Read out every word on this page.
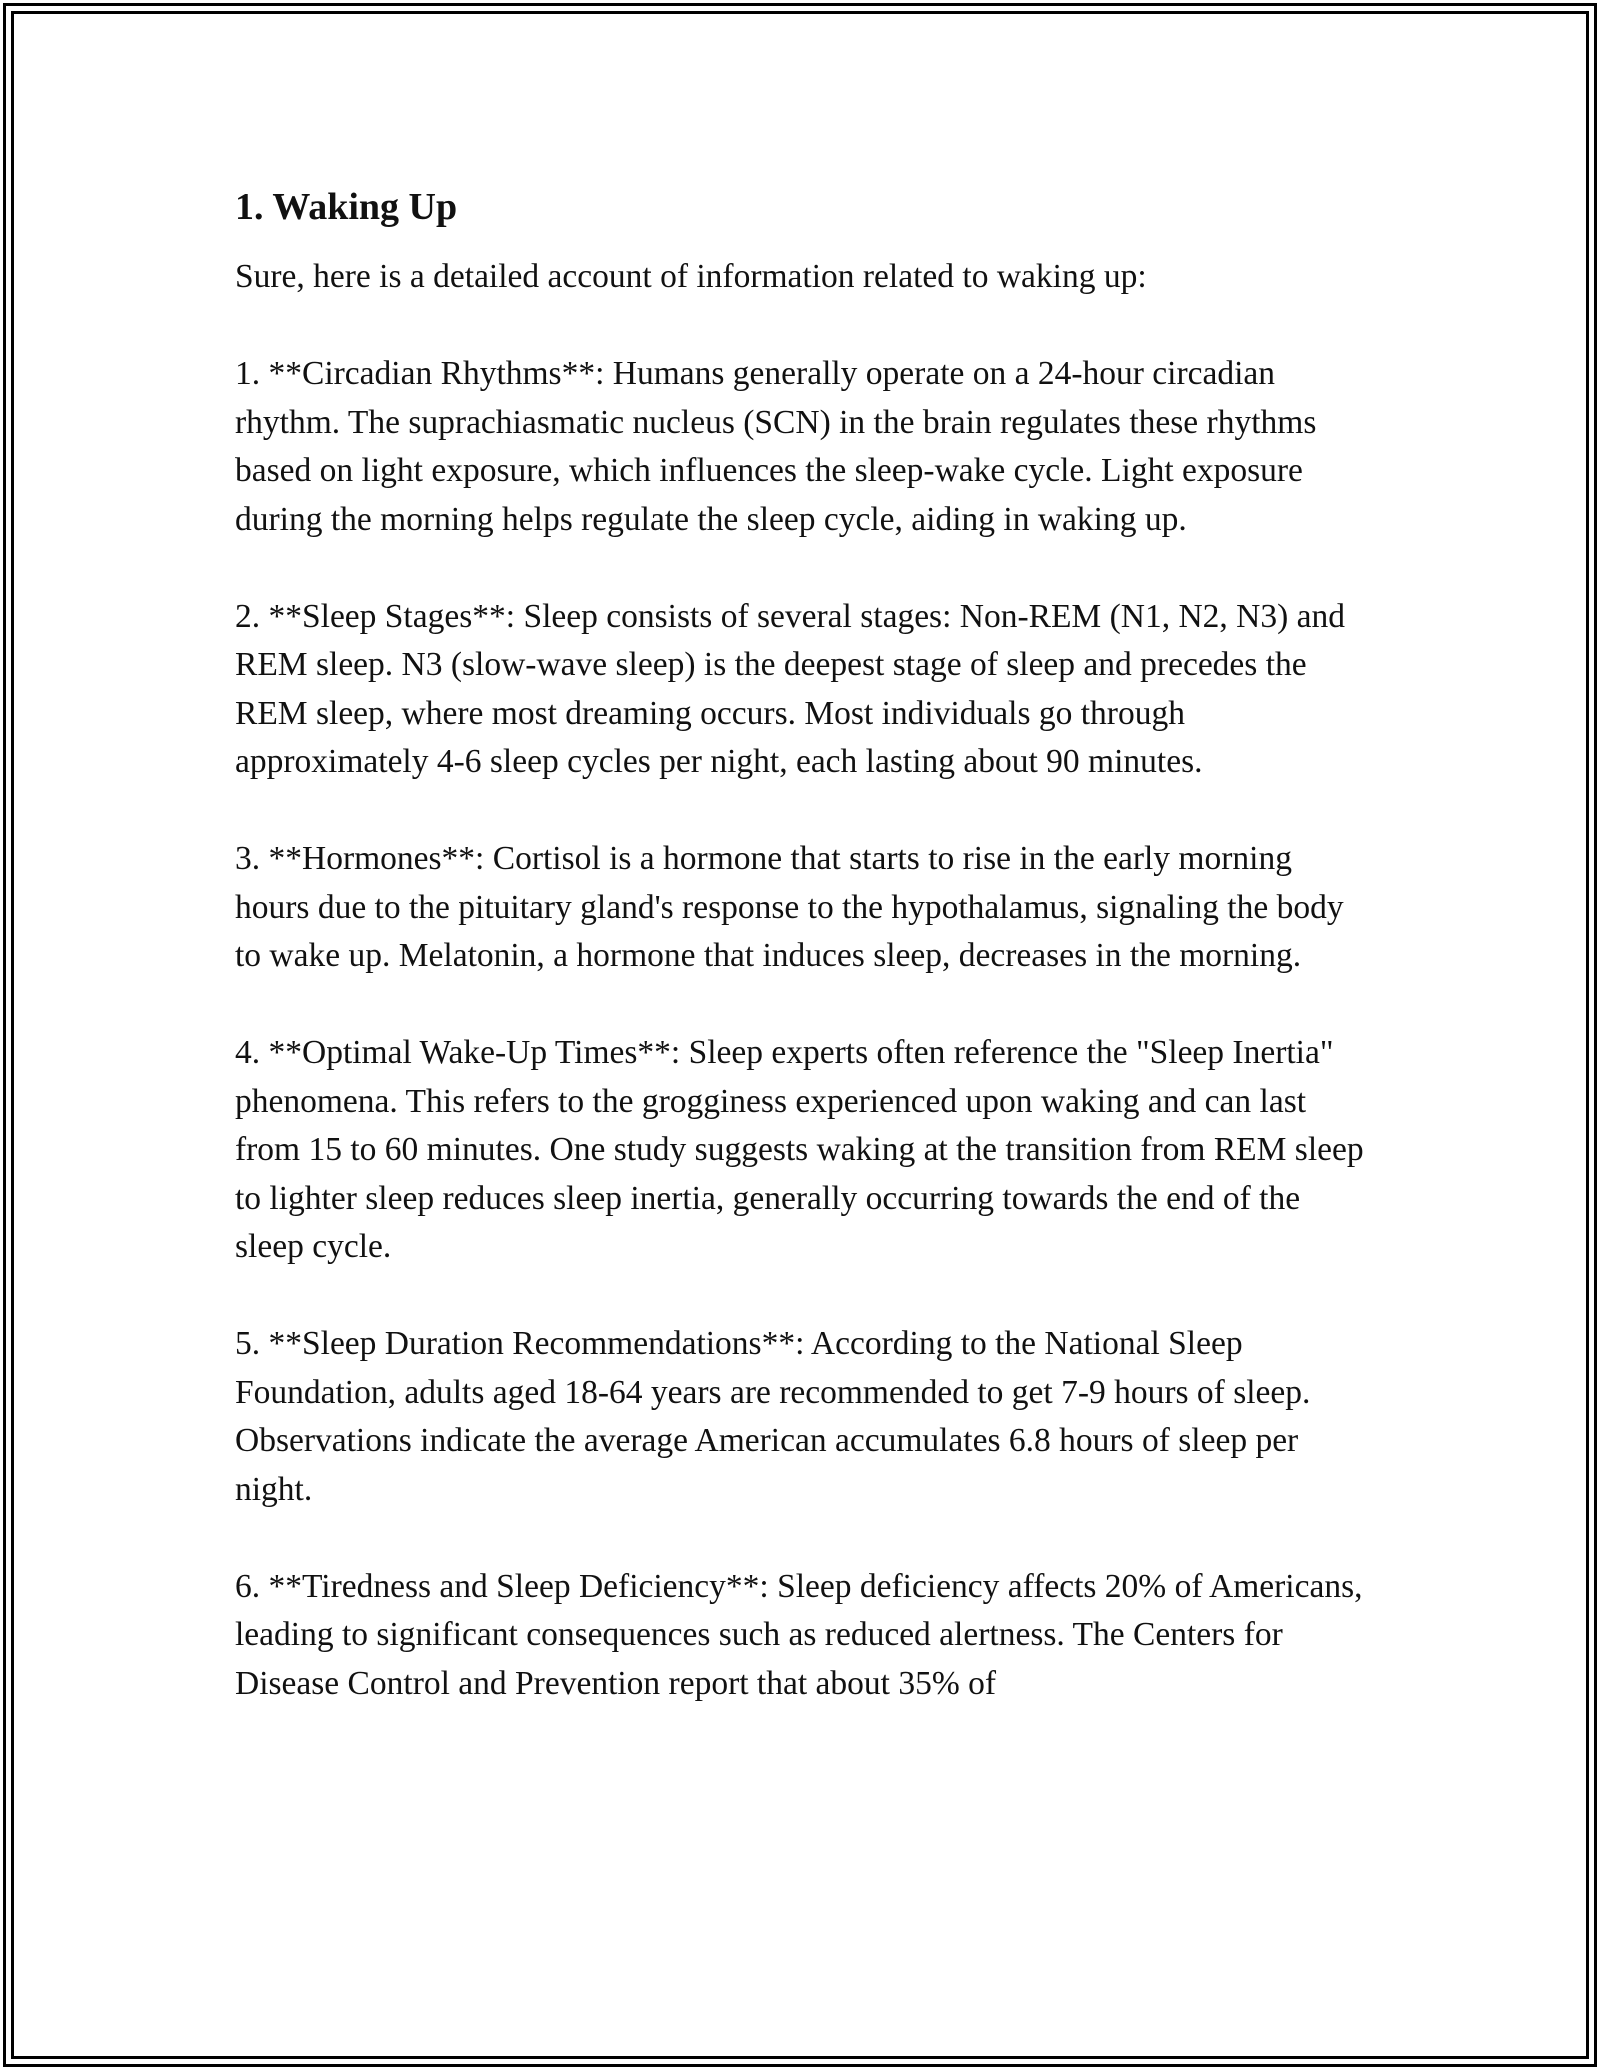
1. Waking Up

Sure, here is a detailed account of information related to waking up:

1. **Circadian Rhythms**: Humans generally operate on a 24-hour circadian rhythm. The suprachiasmatic nucleus (SCN) in the brain regulates these rhythms based on light exposure, which influences the sleep-wake cycle. Light exposure during the morning helps regulate the sleep cycle, aiding in waking up.

2. **Sleep Stages**: Sleep consists of several stages: Non-REM (N1, N2, N3) and REM sleep. N3 (slow-wave sleep) is the deepest stage of sleep and precedes the REM sleep, where most dreaming occurs. Most individuals go through approximately 4-6 sleep cycles per night, each lasting about 90 minutes.

3. **Hormones**: Cortisol is a hormone that starts to rise in the early morning hours due to the pituitary gland's response to the hypothalamus, signaling the body to wake up. Melatonin, a hormone that induces sleep, decreases in the morning.

4. **Optimal Wake-Up Times**: Sleep experts often reference the "Sleep Inertia" phenomena. This refers to the grogginess experienced upon waking and can last from 15 to 60 minutes. One study suggests waking at the transition from REM sleep to lighter sleep reduces sleep inertia, generally occurring towards the end of the sleep cycle.

5. **Sleep Duration Recommendations**: According to the National Sleep Foundation, adults aged 18-64 years are recommended to get 7-9 hours of sleep. Observations indicate the average American accumulates 6.8 hours of sleep per night.

6. **Tiredness and Sleep Deficiency**: Sleep deficiency affects 20% of Americans, leading to significant consequences such as reduced alertness. The Centers for Disease Control and Prevention report that about 35% of
